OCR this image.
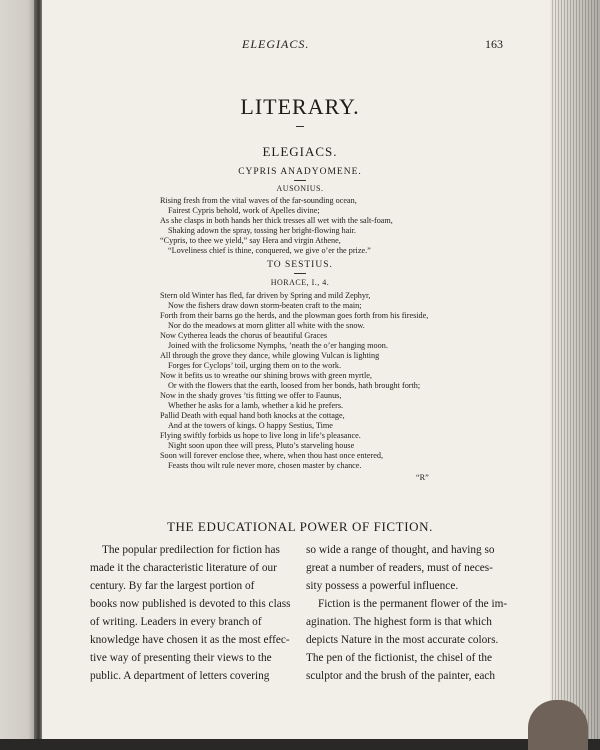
ELEGIACS.	163
LITERARY.
ELEGIACS.
CYPRIS ANADYOMENE.
AUSONIUS.
Rising fresh from the vital waves of the far-sounding ocean,
Fairest Cypris behold, work of Apelles divine;
As she clasps in both hands her thick tresses all wet with the salt-foam,
Shaking adown the spray, tossing her bright-flowing hair.
“Cypris, to thee we yield,” say Hera and virgin Athene,
“Loveliness chief is thine, conquered, we give o’er the prize.”
TO SESTIUS.
HORACE, I., 4.
Stern old Winter has fled, far driven by Spring and mild Zephyr,
Now the fishers draw down storm-beaten craft to the main;
Forth from their barns go the herds, and the plowman goes forth from his fireside,
Nor do the meadows at morn glitter all white with the snow.
Now Cytherea leads the chorus of beautiful Graces
Joined with the frolicsome Nymphs, ’neath the o’er hanging moon.
All through the grove they dance, while glowing Vulcan is lighting
Forges for Cyclops’ toil, urging them on to the work.
Now it befits us to wreathe our shining brows with green myrtle,
Or with the flowers that the earth, loosed from her bonds, hath brought forth;
Now in the shady groves ’tis fitting we offer to Faunus,
Whether he asks for a lamb, whether a kid he prefers.
Pallid Death with equal hand both knocks at the cottage,
And at the towers of kings. O happy Sestius, Time
Flying swiftly forbids us hope to live long in life’s pleasance.
Night soon upon thee will press, Pluto’s starveling house
Soon will forever enclose thee, where, when thou hast once entered,
Feasts thou wilt rule never more, chosen master by chance.
“R”
THE EDUCATIONAL POWER OF FICTION.
The popular predilection for fiction has
made it the characteristic literature of our
century. By far the largest portion of
books now published is devoted to this class
of writing. Leaders in every branch of
knowledge have chosen it as the most effec-
tive way of presenting their views to the
public. A department of letters covering
so wide a range of thought, and having so
great a number of readers, must of neces-
sity possess a powerful influence.
Fiction is the permanent flower of the im-
agination. The highest form is that which
depicts Nature in the most accurate colors.
The pen of the fictionist, the chisel of the
sculptor and the brush of the painter, each
